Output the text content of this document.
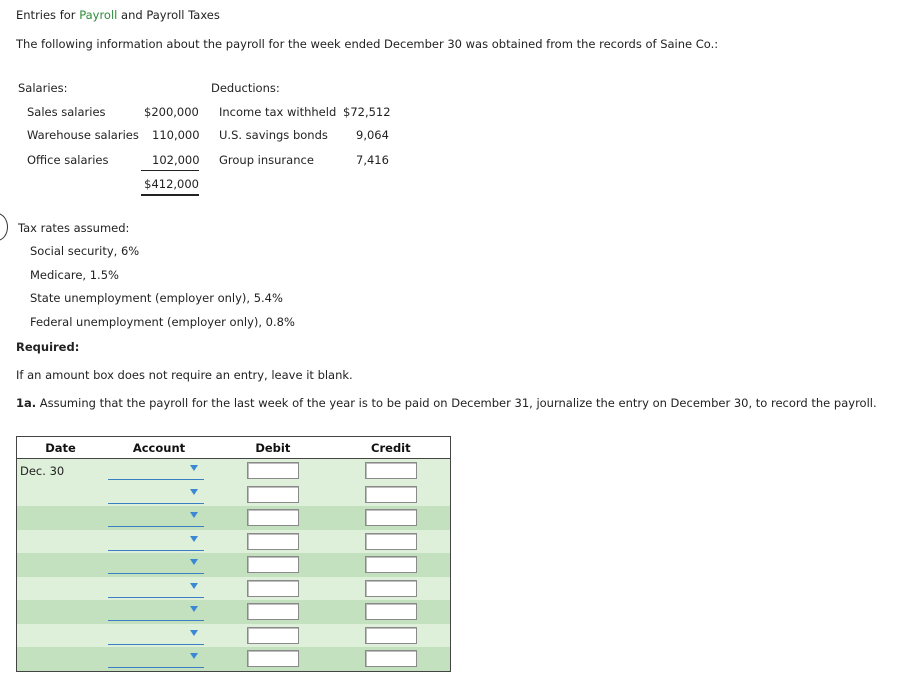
Entries for Payroll and Payroll Taxes
The following information about the payroll for the week ended December 30 was obtained from the records of Saine Co.:
Salaries:
Sales salaries	$200,000
Warehouse salaries 110,000
Office salaries	102,000
$412,000
Deductions:
Income tax withheld $72,512
U.S. savings bonds 9,064
Group insurance	7,416
Tax rates assumed:
Social security, 6%
Medicare, 1.5%
State unemployment (employer only), 5.4%
Federal unemployment (employer only), 0.8%
Required:
If an amount box does not require an entry, leave it blank.
1a. Assuming that the payroll for the last week of the year is to be paid on December 31, journalize the entry on December 30, to record the payroll.
Date	Account	Debit	Credit
Dec. 30	
